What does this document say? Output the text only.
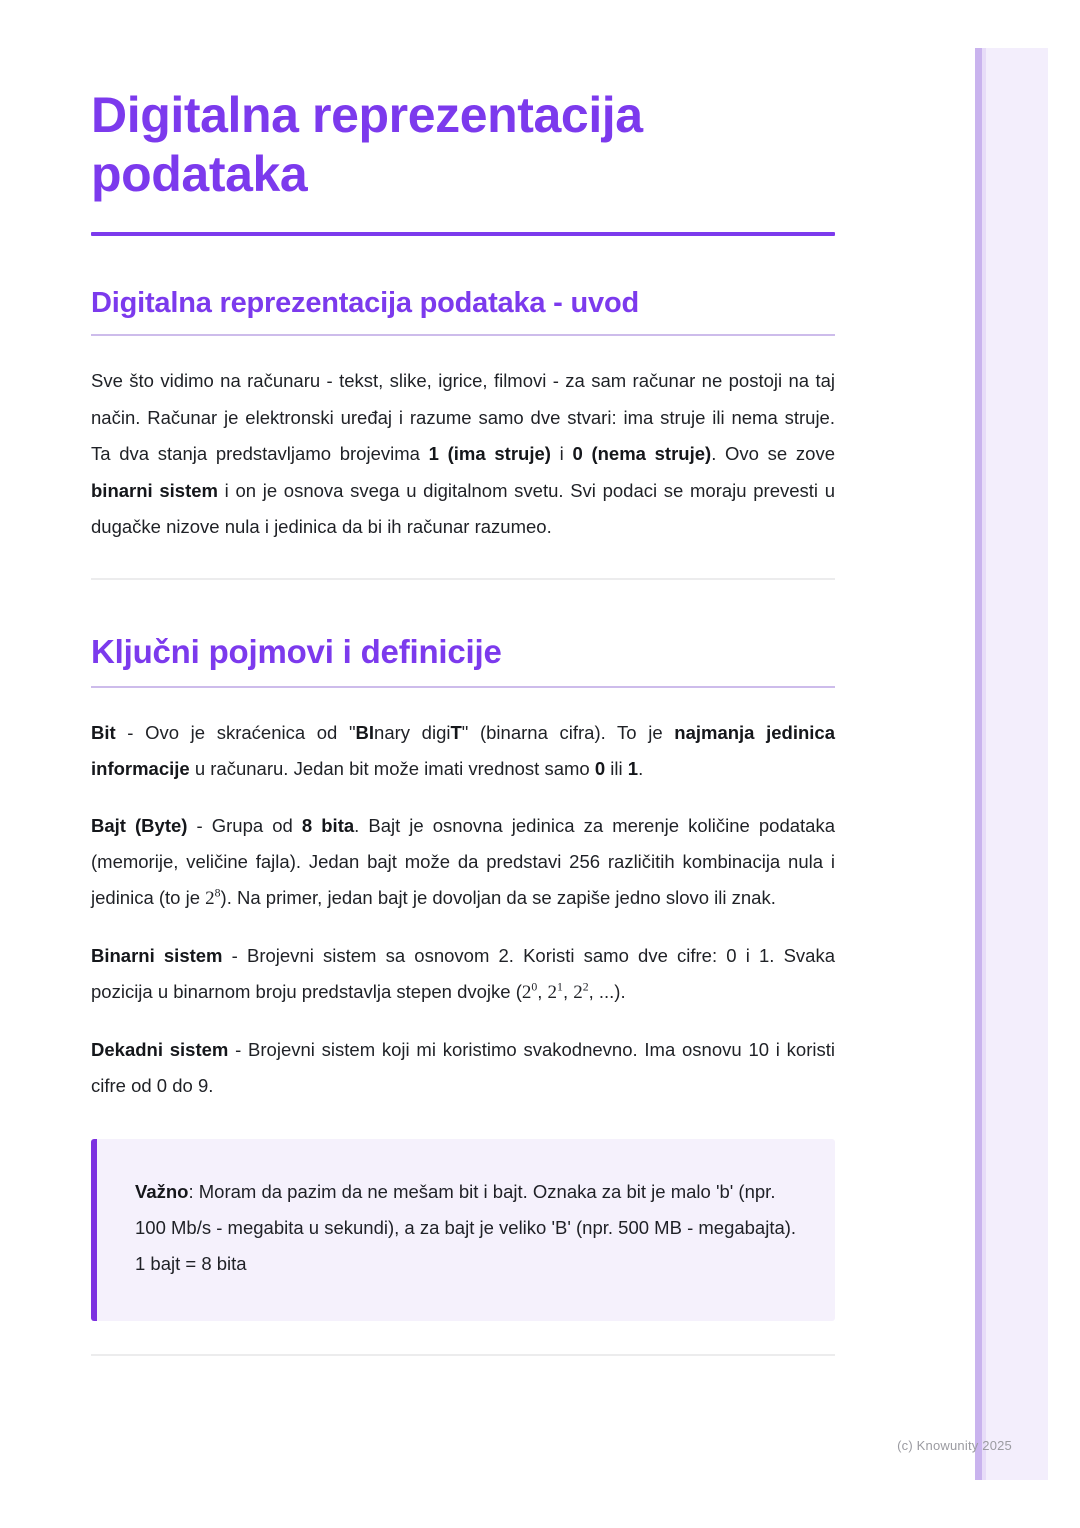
Digitalna reprezentacija podataka
Digitalna reprezentacija podataka - uvod

Sve što vidimo na računaru - tekst, slike, igrice, filmovi - za sam računar ne postoji na taj način. Računar je elektronski uređaj i razume samo dve stvari: ima struje ili nema struje. Ta dva stanja predstavljamo brojevima 1 (ima struje) i 0 (nema struje). Ovo se zove binarni sistem i on je osnova svega u digitalnom svetu. Svi podaci se moraju prevesti u dugačke nizove nula i jedinica da bi ih računar razumeo.

Ključni pojmovi i definicije

Bit - Ovo je skraćenica od "BInary digiT" (binarna cifra). To je najmanja jedinica informacije u računaru. Jedan bit može imati vrednost samo 0 ili 1.

Bajt (Byte) - Grupa od 8 bita. Bajt je osnovna jedinica za merenje količine podataka (memorije, veličine fajla). Jedan bajt može da predstavi 256 različitih kombinacija nula i jedinica (to je $2^8$). Na primer, jedan bajt je dovoljan da se zapiše jedno slovo ili znak.

Binarni sistem - Brojevni sistem sa osnovom 2. Koristi samo dve cifre: 0 i 1. Svaka pozicija u binarnom broju predstavlja stepen dvojke ($2^0$, $2^1$, $2^2$, ...).

Dekadni sistem - Brojevni sistem koji mi koristimo svakodnevno. Ima osnovu 10 i koristi cifre od 0 do 9.

Važno: Moram da pazim da ne mešam bit i bajt. Oznaka za bit je malo 'b' (npr. 100 Mb/s - megabita u sekundi), a za bajt je veliko 'B' (npr. 500 MB - megabajta). 1 bajt = 8 bita

(c) Knowunity 2025
